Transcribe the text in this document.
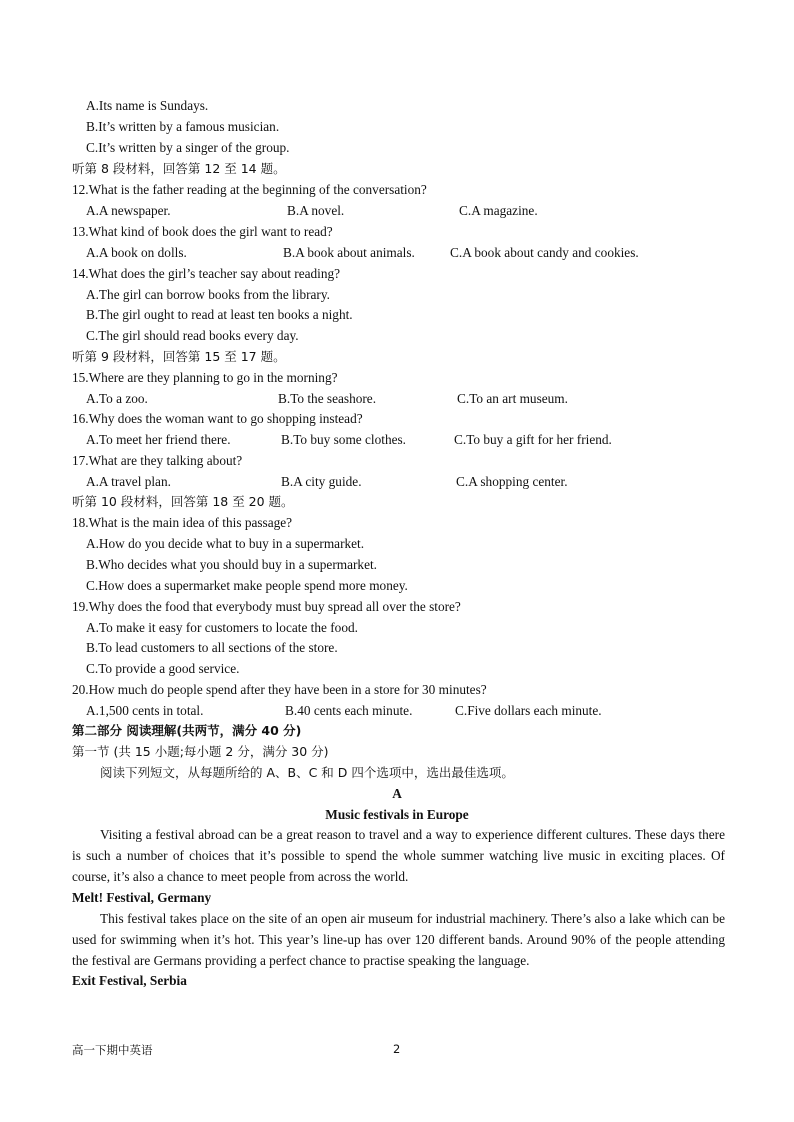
A.Its name is Sundays.
B.It’s written by a famous musician.
C.It’s written by a singer of the group.
听第 8 段材料，回答第 12 至 14 题。
12.What is the father reading at the beginning of the conversation?
A.A newspaper.	B.A novel.	C.A magazine.
13.What kind of book does the girl want to read?
A.A book on dolls.	B.A book about animals.	C.A book about candy and cookies.
14.What does the girl’s teacher say about reading?
A.The girl can borrow books from the library.
B.The girl ought to read at least ten books a night.
C.The girl should read books every day.
听第 9 段材料，回答第 15 至 17 题。
15.Where are they planning to go in the morning?
A.To a zoo.	B.To the seashore.	C.To an art museum.
16.Why does the woman want to go shopping instead?
A.To meet her friend there.	B.To buy some clothes.	C.To buy a gift for her friend.
17.What are they talking about?
A.A travel plan.	B.A city guide.	C.A shopping center.
听第 10 段材料，回答第 18 至 20 题。
18.What is the main idea of this passage?
A.How do you decide what to buy in a supermarket.
B.Who decides what you should buy in a supermarket.
C.How does a supermarket make people spend more money.
19.Why does the food that everybody must buy spread all over the store?
A.To make it easy for customers to locate the food.
B.To lead customers to all sections of the store.
C.To provide a good service.
20.How much do people spend after they have been in a store for 30 minutes?
A.1,500 cents in total.	B.40 cents each minute.	C.Five dollars each minute.
第二部分 阅读理解(共两节，满分 40 分)
第一节 (共 15 小题;每小题 2 分，满分 30 分)
阅读下列短文，从每题所给的 A、B、C 和 D 四个选项中，选出最佳选项。
A
Music festivals in Europe
Visiting a festival abroad can be a great reason to travel and a way to experience different cultures. These days there is such a number of choices that it’s possible to spend the whole summer watching live music in exciting places. Of course, it’s also a chance to meet people from across the world.
Melt! Festival, Germany
This festival takes place on the site of an open air museum for industrial machinery. There’s also a lake which can be used for swimming when it’s hot. This year’s line-up has over 120 different bands. Around 90% of the people attending the festival are Germans providing a perfect chance to practise speaking the language.
Exit Festival, Serbia
高一下期中英语	2
